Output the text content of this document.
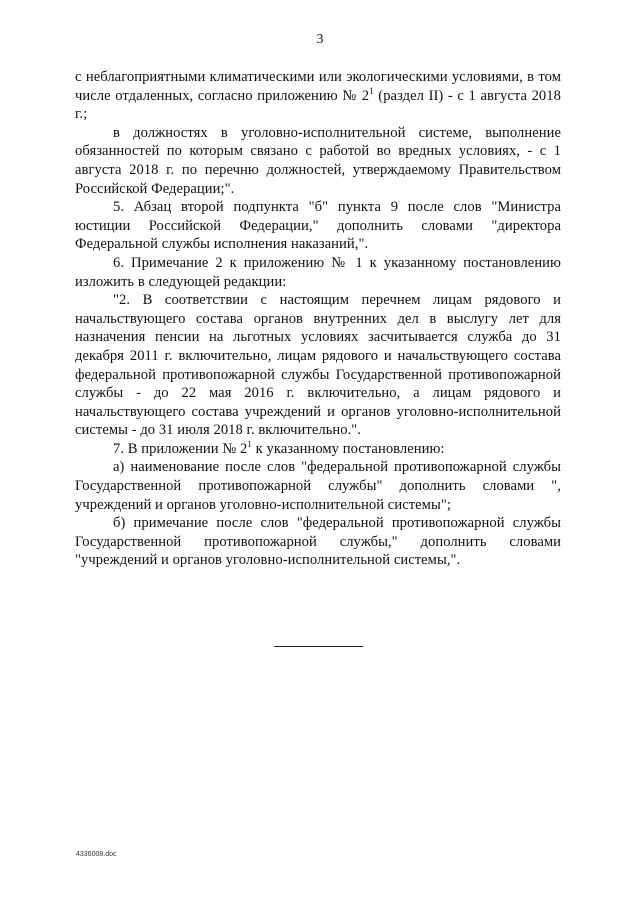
3

с неблагоприятными климатическими или экологическими условиями, в том числе отдаленных, согласно приложению № $2^1$ (раздел II) - с 1 августа 2018 г.;

в должностях в уголовно-исполнительной системе, выполнение обязанностей по которым связано с работой во вредных условиях, - с 1 августа 2018 г. по перечню должностей, утверждаемому Правительством Российской Федерации;".

5. Абзац второй подпункта "б" пункта 9 после слов "Министра юстиции Российской Федерации," дополнить словами "директора Федеральной службы исполнения наказаний,".

6. Примечание 2 к приложению № 1 к указанному постановлению изложить в следующей редакции:

"2. В соответствии с настоящим перечнем лицам рядового и начальствующего состава органов внутренних дел в выслугу лет для назначения пенсии на льготных условиях засчитывается служба до 31 декабря 2011 г. включительно, лицам рядового и начальствующего состава федеральной противопожарной службы Государственной противопожарной службы - до 22 мая 2016 г. включительно, а лицам рядового и начальствующего состава учреждений и органов уголовно-исполнительной системы - до 31 июля 2018 г. включительно.".

7. В приложении № $2^1$ к указанному постановлению:

а) наименование после слов "федеральной противопожарной службы Государственной противопожарной службы" дополнить словами ", учреждений и органов уголовно-исполнительной системы";

б) примечание после слов "федеральной противопожарной службы Государственной противопожарной службы," дополнить словами "учреждений и органов уголовно-исполнительной системы,".

4336008.doc
